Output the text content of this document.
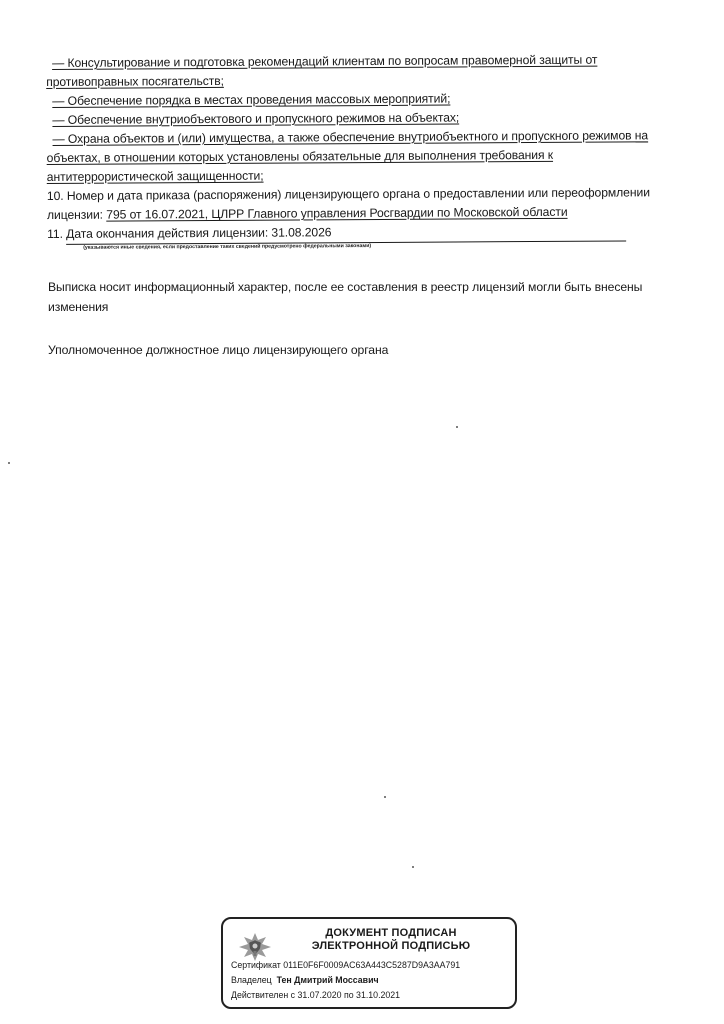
— Консультирование и подготовка рекомендаций клиентам по вопросам правомерной защиты от
противоправных посягательств;
— Обеспечение порядка в местах проведения массовых мероприятий;
— Обеспечение внутриобъектового и пропускного режимов на объектах;
— Охрана объектов и (или) имущества, а также обеспечение внутриобъектного и пропускного режимов на
объектах, в отношении которых установлены обязательные для выполнения требования к
антитеррористической защищенности;
10. Номер и дата приказа (распоряжения) лицензирующего органа о предоставлении или переоформлении
лицензии: 795 от 16.07.2021, ЦЛРР Главного управления Росгвардии по Московской области
11. Дата окончания действия лицензии: 31.08.2026
(указываются иные сведения, если предоставление таких сведений предусмотрено федеральными законами)
Выписка носит информационный характер, после ее составления в реестр лицензий могли быть внесены изменения
Уполномоченное должностное лицо лицензирующего органа
ДОКУМЕНТ ПОДПИСАН
ЭЛЕКТРОННОЙ ПОДПИСЬЮ
Сертификат 011E0F6F0009AC63A443C5287D9A3AA791
Владелец Тен Дмитрий Моссавич
Действителен с 31.07.2020 по 31.10.2021
